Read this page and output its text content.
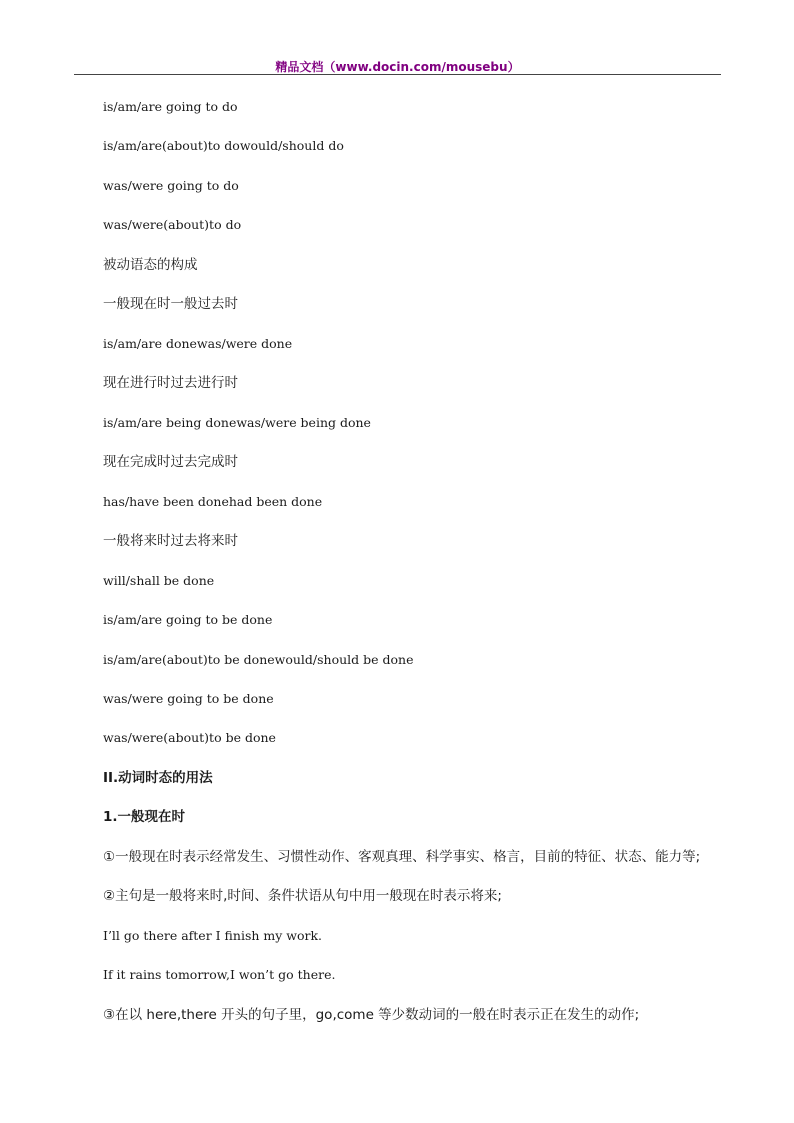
精品文档（www.docin.com/mousebu）
is/am/are going to do
is/am/are(about)to dowould/should do
was/were going to do
was/were(about)to do
被动语态的构成
一般现在时一般过去时
is/am/are donewas/were done
现在进行时过去进行时
is/am/are being donewas/were being done
现在完成时过去完成时
has/have been donehad been done
一般将来时过去将来时
will/shall be done
is/am/are going to be done
is/am/are(about)to be donewould/should be done
was/were going to be done
was/were(about)to be done
II.动词时态的用法
1.一般现在时
①一般现在时表示经常发生、习惯性动作、客观真理、科学事实、格言，目前的特征、状态、能力等;
②主句是一般将来时,时间、条件状语从句中用一般现在时表示将来;
I’ll go there after I finish my work.
If it rains tomorrow,I won’t go there.
③在以 here,there 开头的句子里，go,come 等少数动词的一般在时表示正在发生的动作;
